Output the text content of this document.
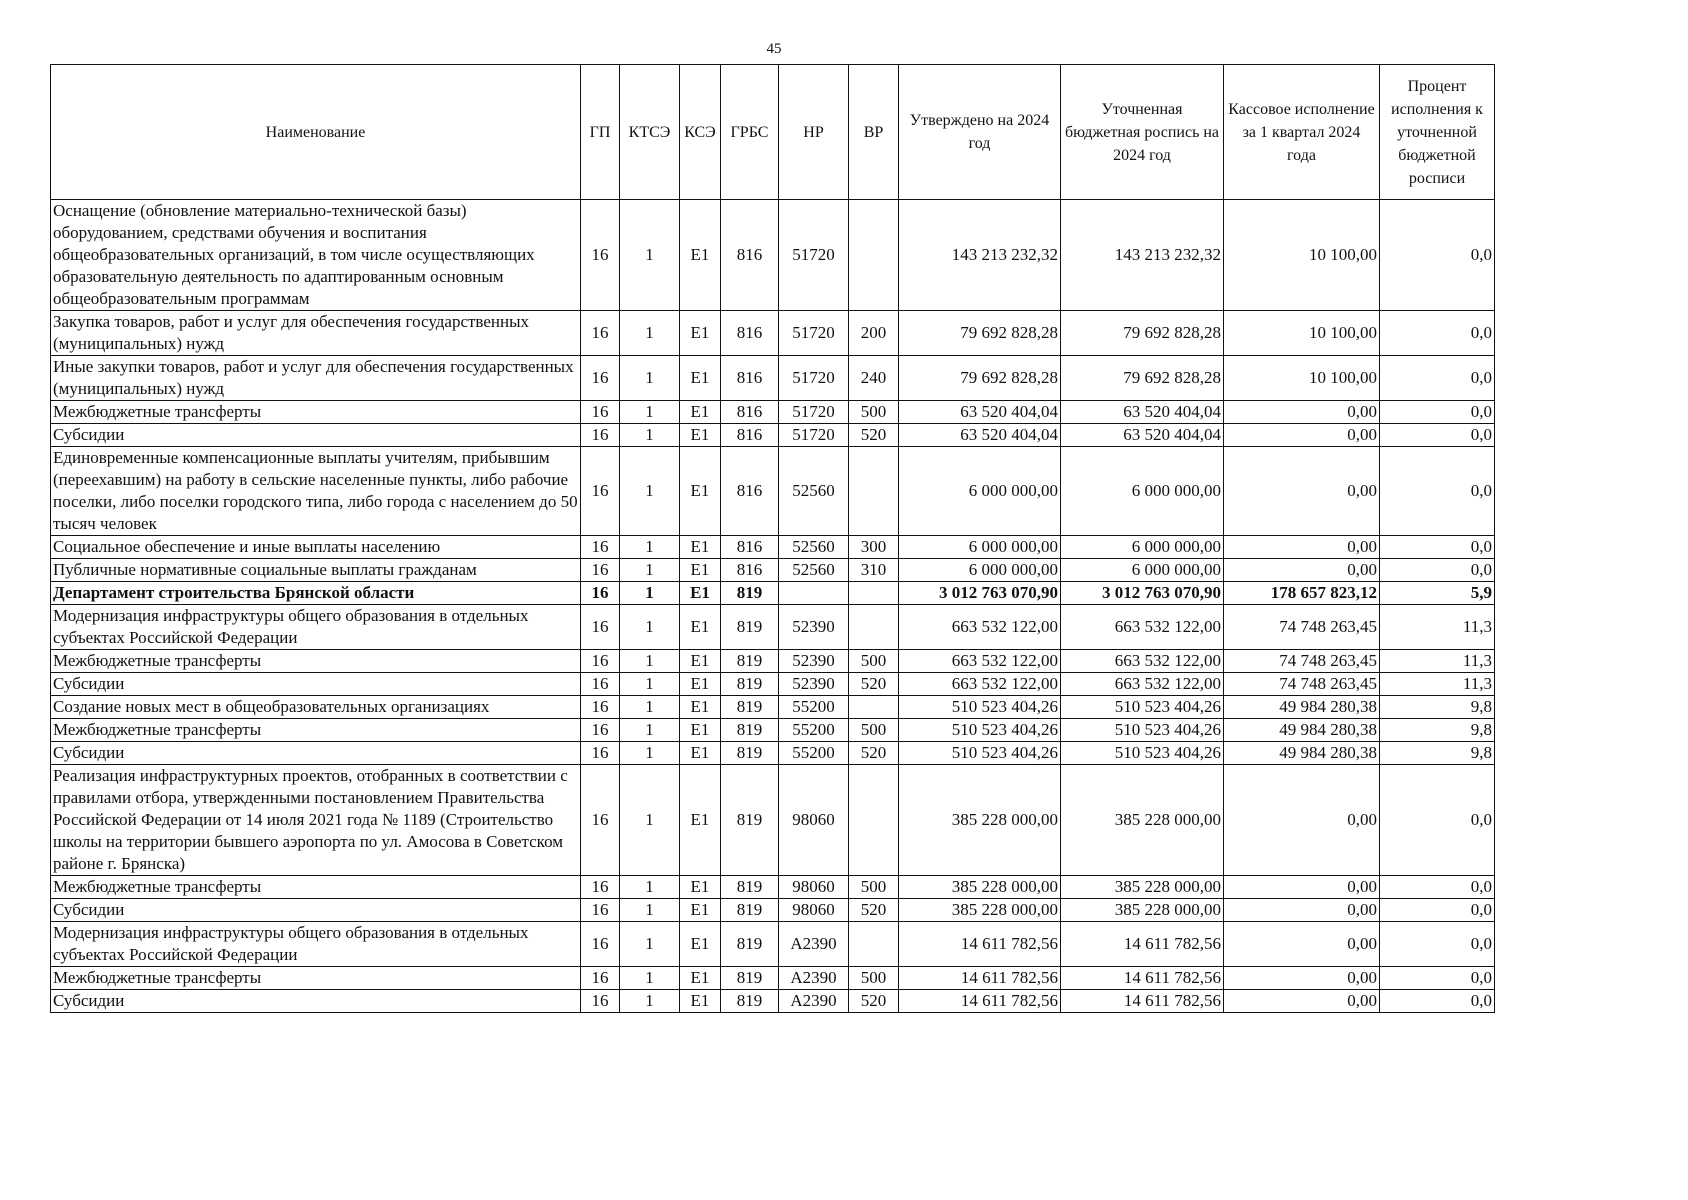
45
Наименование	ГП	КТСЭ	КСЭ	ГРБС	НР	ВР	Утверждено на 2024 год	Уточненная бюджетная роспись на 2024 год	Кассовое исполнение за 1 квартал 2024 года	Процент исполнения к уточненной бюджетной росписи
Оснащение (обновление материально-технической базы) оборудованием, средствами обучения и воспитания общеобразовательных организаций, в том числе осуществляющих образовательную деятельность по адаптированным основным общеобразовательным программам	16	1	Е1	816	51720		143 213 232,32	143 213 232,32	10 100,00	0,0
Закупка товаров, работ и услуг для обеспечения государственных (муниципальных) нужд	16	1	Е1	816	51720	200	79 692 828,28	79 692 828,28	10 100,00	0,0
Иные закупки товаров, работ и услуг для обеспечения государственных (муниципальных) нужд	16	1	Е1	816	51720	240	79 692 828,28	79 692 828,28	10 100,00	0,0
Межбюджетные трансферты	16	1	Е1	816	51720	500	63 520 404,04	63 520 404,04	0,00	0,0
Субсидии	16	1	Е1	816	51720	520	63 520 404,04	63 520 404,04	0,00	0,0
Единовременные компенсационные выплаты учителям, прибывшим (переехавшим) на работу в сельские населенные пункты, либо рабочие поселки, либо поселки городского типа, либо города с населением до 50 тысяч человек	16	1	Е1	816	52560		6 000 000,00	6 000 000,00	0,00	0,0
Социальное обеспечение и иные выплаты населению	16	1	Е1	816	52560	300	6 000 000,00	6 000 000,00	0,00	0,0
Публичные нормативные социальные выплаты гражданам	16	1	Е1	816	52560	310	6 000 000,00	6 000 000,00	0,00	0,0
Департамент строительства Брянской области	16	1	Е1	819			3 012 763 070,90	3 012 763 070,90	178 657 823,12	5,9
Модернизация инфраструктуры общего образования в отдельных субъектах Российской Федерации	16	1	Е1	819	52390		663 532 122,00	663 532 122,00	74 748 263,45	11,3
Межбюджетные трансферты	16	1	Е1	819	52390	500	663 532 122,00	663 532 122,00	74 748 263,45	11,3
Субсидии	16	1	Е1	819	52390	520	663 532 122,00	663 532 122,00	74 748 263,45	11,3
Создание новых мест в общеобразовательных организациях	16	1	Е1	819	55200		510 523 404,26	510 523 404,26	49 984 280,38	9,8
Межбюджетные трансферты	16	1	Е1	819	55200	500	510 523 404,26	510 523 404,26	49 984 280,38	9,8
Субсидии	16	1	Е1	819	55200	520	510 523 404,26	510 523 404,26	49 984 280,38	9,8
Реализация инфраструктурных проектов, отобранных в соответствии с правилами отбора, утвержденными постановлением Правительства Российской Федерации от 14 июля 2021 года № 1189 (Строительство школы на территории бывшего аэропорта по ул. Амосова в Советском районе г. Брянска)	16	1	Е1	819	98060		385 228 000,00	385 228 000,00	0,00	0,0
Межбюджетные трансферты	16	1	Е1	819	98060	500	385 228 000,00	385 228 000,00	0,00	0,0
Субсидии	16	1	Е1	819	98060	520	385 228 000,00	385 228 000,00	0,00	0,0
Модернизация инфраструктуры общего образования в отдельных субъектах Российской Федерации	16	1	Е1	819	А2390		14 611 782,56	14 611 782,56	0,00	0,0
Межбюджетные трансферты	16	1	Е1	819	А2390	500	14 611 782,56	14 611 782,56	0,00	0,0
Субсидии	16	1	Е1	819	А2390	520	14 611 782,56	14 611 782,56	0,00	0,0
